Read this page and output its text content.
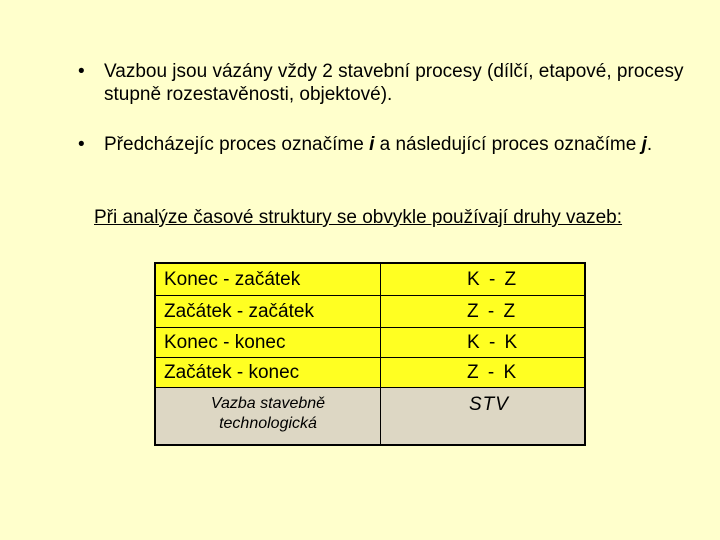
• Vazbou jsou vázány vždy 2 stavební procesy (dílčí, etapové, procesy stupně rozestavěnosti, objektové).
• Předcházejíc proces označíme i a následující proces označíme j.
Při analýze časové struktury se obvykle používají druhy vazeb:
Konec - začátek	K - Z
Začátek - začátek	Z - Z
Konec - konec	K - K
Začátek - konec	Z - K
Vazba stavebně technologická	STV
